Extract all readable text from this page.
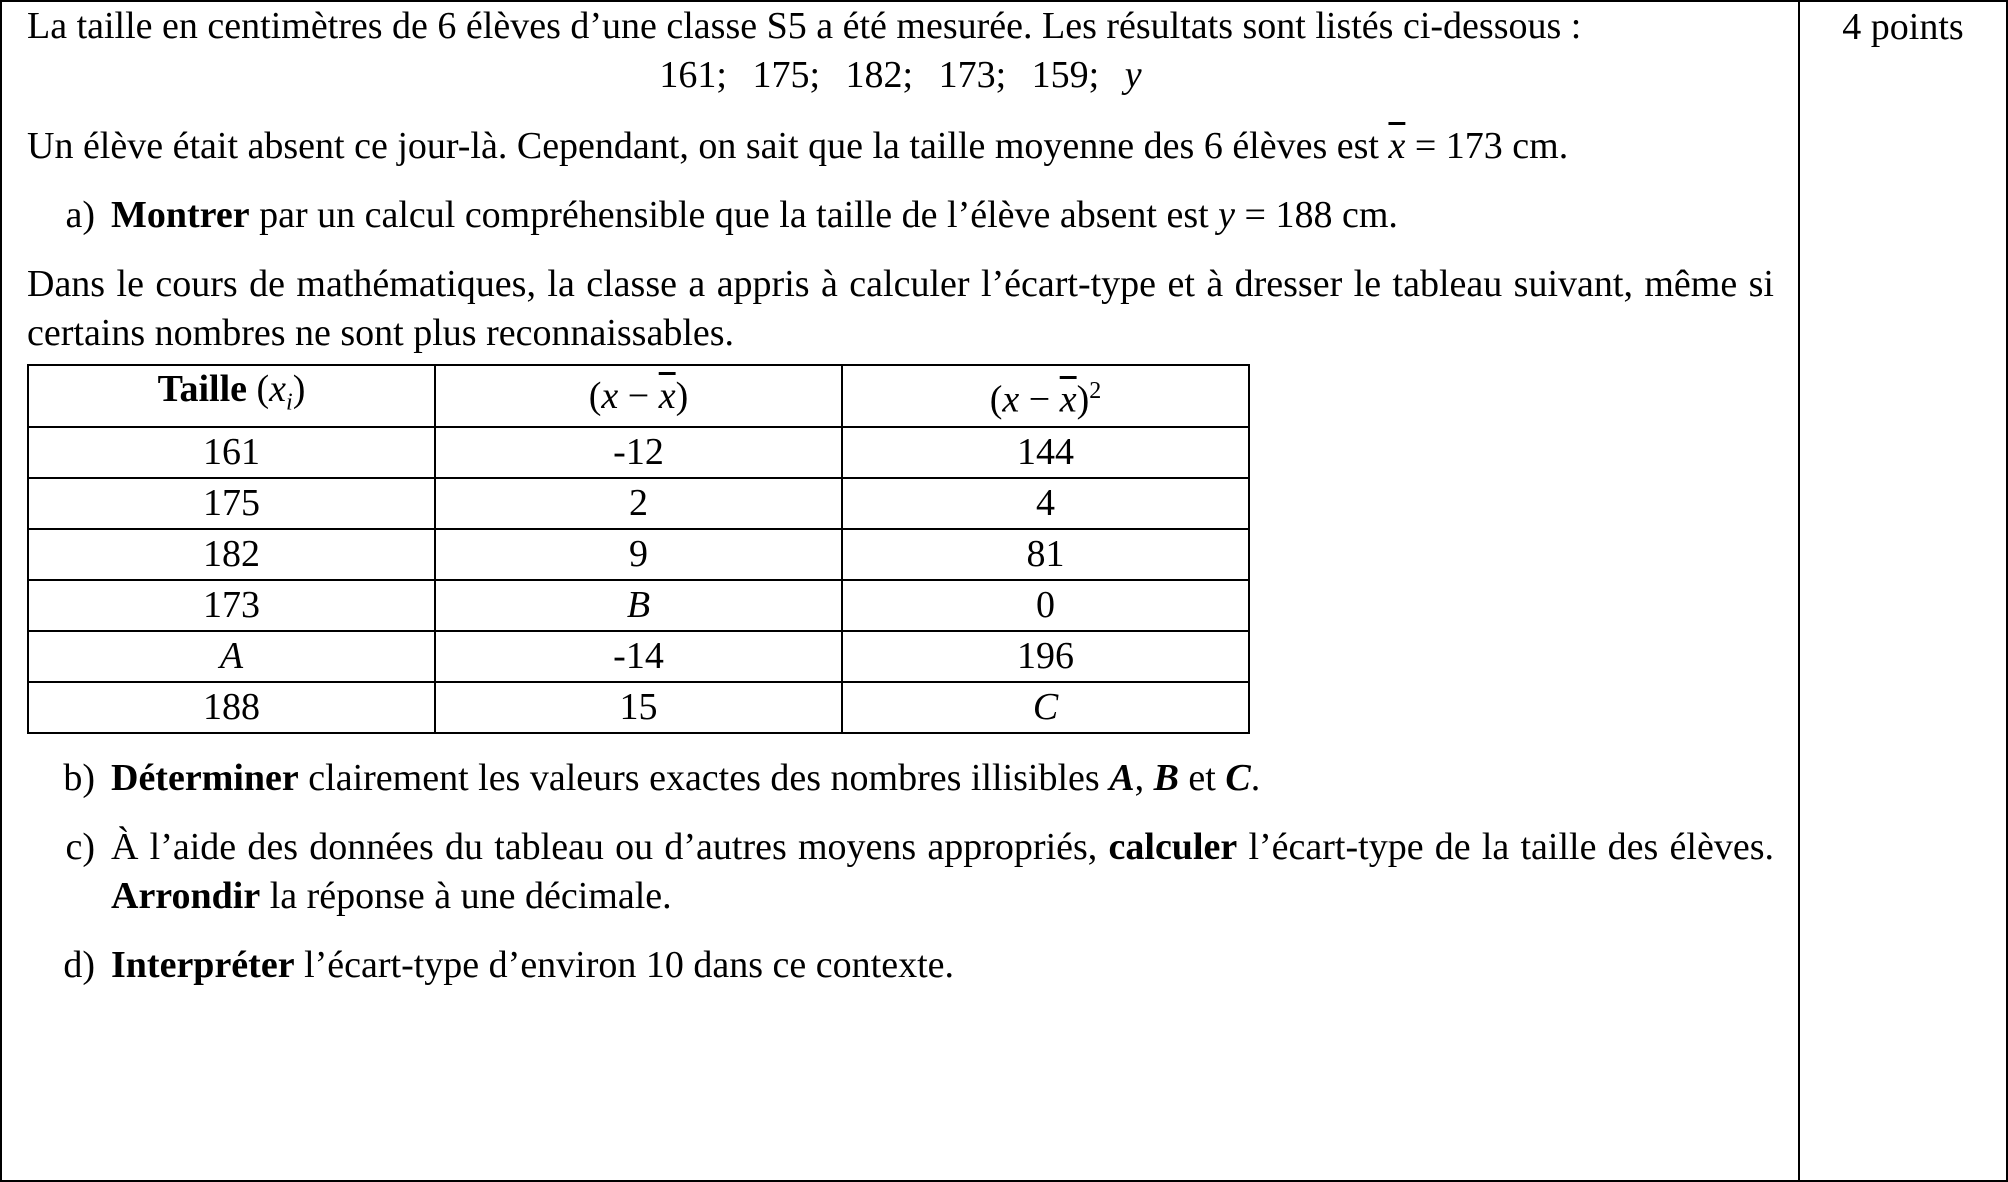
4 points

La taille en centimètres de 6 élèves d’une classe S5 a été mesurée. Les résultats sont listés ci-dessous :

161; 175; 182; 173; 159; y

Un élève était absent ce jour-là. Cependant, on sait que la taille moyenne des 6 élèves est $\overline{x} = 173$ cm.

a) Montrer par un calcul compréhensible que la taille de l’élève absent est y = 188 cm.

Dans le cours de mathématiques, la classe a appris à calculer l’écart-type et à dresser le tableau suivant, même si certains nombres ne sont plus reconnaissables.

Taille $(x_i)$	$(x - \overline{x})$	$(x - \overline{x})^2$
161	-12	144
175	2	4
182	9	81
173	B	0
A	-14	196
188	15	C
b) Déterminer clairement les valeurs exactes des nombres illisibles A, B et C.
c) À l’aide des données du tableau ou d’autres moyens appropriés, calculer l’écart-type de la taille des élèves. Arrondir la réponse à une décimale.
d) Interpréter l’écart-type d’environ 10 dans ce contexte.
